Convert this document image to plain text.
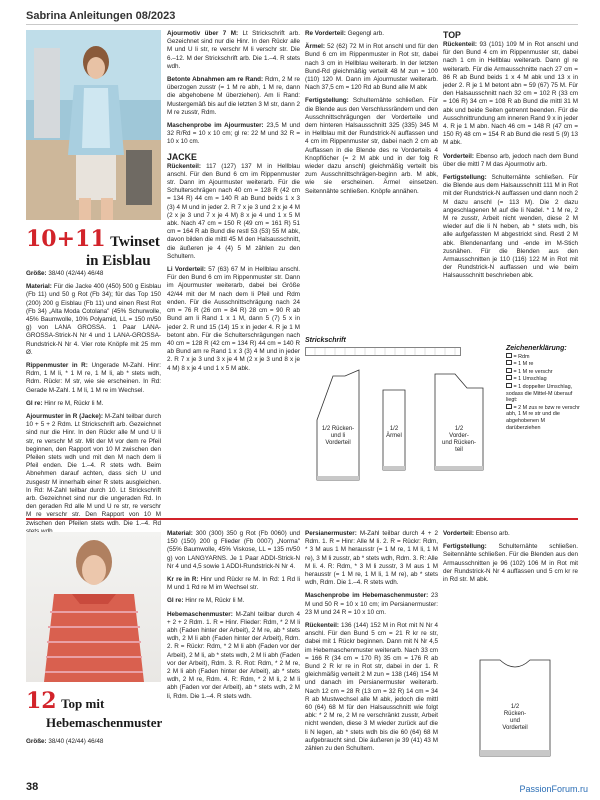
Sabrina Anleitungen 08/2023
10+11 Twinset
in Eisblau

Größe: 38/40 (42/44) 46/48

Material: Für die Jacke 400 (450) 500 g Eisblau (Fb 11) und 50 g Rot (Fb 34); für das Top 150 (200) 200 g Eisblau (Fb 11) und einen Rest Rot (Fb 34) „Alta Moda Cotolana" (45% Schurwolle, 45% Baumwolle, 10% Polyamid, LL = 150 m/50 g) von LANA GROSSA. 1 Paar LANA-GROSSA-Strick-N Nr 4 und 1 LANA-GROSSA-Rundstrick-N Nr 4. Vier rote Knöpfe mit 25 mm Ø.

Rippenmuster in R: Ungerade M-Zahl. Hinr: Rdm, 1 M li, * 1 M re, 1 M li, ab * stets wdh, Rdm. Rückr: M str, wie sie erscheinen. In Rd: Gerade M-Zahl. 1 M li, 1 M re im Wechsel.

Gl re: Hinr re M, Rückr li M.

Ajourmuster in R (Jacke): M-Zahl teilbar durch 10 + 5 + 2 Rdm. Lt Strickschrift arb. Gezeichnet sind nur die Hinr. In den Rückr alle M und U li str, re verschr M str. Mit der M vor dem re Pfeil beginnen, den Rapport von 10 M zwischen den Pfeilen stets wdh und mit den M nach dem li Pfeil enden. Die 1.–4. R stets wdh. Beim Abnehmen darauf achten, dass sich U und zusgestr M innerhalb einer R stets ausgleichen. In Rd: M-Zahl teilbar durch 10. Lt Strickschrift arb. Gezeichnet sind nur die ungeraden Rd. In den geraden Rd alle M und U re str, re verschr M re verschr str. Den Rapport von 10 M zwischen den Pfeilen stets wdh. Die 1.–4. Rd

Ajourmotiv über 7 M: Lt Strickschrift arb. Gezeichnet sind nur die Hinr. In den Rückr alle M und U li str, re verschr M li verschr str. Die 6.–12. M der Strickschrift arb. Die 1.–4. R stets wdh.

Betonte Abnahmen am re Rand: Rdm, 2 M re überzogen zusstr (= 1 M re abh, 1 M re, dann die abgehobene M überziehen). Am li Rand: Mustergemäß bis auf die letzten 3 M str, dann 2 M re zusstr, Rdm.

Maschenprobe im Ajourmuster: 23,5 M und 32 R/Rd = 10 x 10 cm; gl re: 22 M und 32 R = 10 x 10 cm.

JACKE

Rückenteil: 117 (127) 137 M in Hellblau anschl. Für den Bund 6 cm im Rippenmuster str. Dann im Ajourmuster weiterarb. Für die Schulterschrägen nach 40 cm = 128 R (42 cm = 134 R) 44 cm = 140 R ab Bund beids 1 x 3 (3) 4 M und in jeder 2. R 7 x je 3 und 2 x je 4 M (2 x je 3 und 7 x je 4 M) 8 x je 4 und 1 x 5 M abk. Nach 47 cm = 150 R (49 cm = 161 R) 51 cm = 164 R ab Bund die restl 53 (53) 55 M abk, davon bilden die mittl 45 M den Halsausschnitt, die äußeren je 4 (4) 5 M zählen zu den Schultern.

Li Vorderteil: 57 (63) 67 M in Hellblau anschl. Für den Bund 6 cm im Rippenmuster str. Dann im Ajourmuster weiterarb, dabei bei Größe 42/44 mit der M nach dem li Pfeil und Rdm enden. Für die Ausschnittschrägung nach 24 cm = 76 R (26 cm = 84 R) 28 cm = 90 R ab Bund am li Rand 1 x 1 M, dann 5 (7) 5 x in jeder 2. R und 15 (14) 15 x in jeder 4. R je 1 M betont abn. Für die Schulterschrägungen nach 40 cm = 128 R (42 cm = 134 R) 44 cm = 140 R ab Bund am re Rand 1 x 3 (3) 4 M und in jeder 2. R 7 x je 3 und 3 x je 4 M (2 x je 3 und 8 x je 4 M) 8 x je 4 und 1 x 5 M abk.

Re Vorderteil: Gegengl arb.

Ärmel: 52 (62) 72 M in Rot anschl und für den Bund 6 cm im Rippenmuster in Rot str, dabei nach 3 cm in Hellblau weiterarb. In der letzten Bund-Rd gleichmäßig verteilt 48 M zun = 100 (110) 120 M. Dann im Ajourmuster weiterarb. Nach 37,5 cm = 120 Rd ab Bund alle M abk

Fertigstellung: Schulternähte schließen. Für die Blende aus den Verschlussrändern und den Ausschnittschrägungen der Vorderteile und dem hinteren Halsausschnitt 325 (335) 345 M in Hellblau mit der Rundstrick-N auffassen und 4 cm im Rippenmuster str, dabei nach 2 cm ab Auffassen in die Blende des re Vorderteils 4 Knopflöcher (= 2 M abk und in der folg R wieder dazu anschl) gleichmäßig verteilt bis zum Ausschnittschrägen-beginn arb. M abk, wie sie erscheinen. Ärmel einsetzen. Seitennähte schließen. Knöpfe annähen.

TOP

Rückenteil: 93 (101) 109 M in Rot anschl und für den Bund 4 cm im Rippenmuster str, dabei nach 1 cm in Hellblau weiterarb. Dann gl re weiterarb. Für die Armausschnitte nach 27 cm = 86 R ab Bund beids 1 x 4 M abk und 13 x in jeder 2. R je 1 M betont abn = 59 (67) 75 M. Für den Halsausschnitt nach 32 cm = 102 R (33 cm = 106 R) 34 cm = 108 R ab Bund die mittl 31 M abk und beide Seiten getrennt beenden. Für die Ausschnittrundung am inneren Rand 9 x in jeder 4. R je 1 M abn. Nach 46 cm = 148 R (47 cm = 150 R) 48 cm = 154 R ab Bund die restl 5 (9) 13 M abk.

Vorderteil: Ebenso arb, jedoch nach dem Bund über die mittl 7 M das Ajourmotiv arb.

Fertigstellung: Schulternähte schließen. Für die Blende aus dem Halsausschnitt 111 M in Rot mit der Rundstrick-N auffassen und dann noch 2 M dazu anschl (= 113 M). Die 2 dazu angeschlagenen M auf die li Nadel. * 1 M re, 2 M re zusstr, Arbeit nicht wenden, diese 2 M wieder auf die li N heben, ab * stets wdh, bis alle aufgefassten M abgestrickt sind. Restl 2 M abk. Blendenanfang und -ende im M-Stich zusnähen. Für die Blenden aus den Armausschnitten je 110 (116) 122 M in Rot mit der Rundstrick-N auffassen und wie beim Halsausschnitt beschrieben abk.

Strickschrift
Zeichenerklärung:
= Rdm
= 1 M re
= 1 M re verschr
= 1 Umschlag
= 1 doppelter Umschlag, sodass die Mittel-M überauf liegt:
= 2 M zus re bzw re verschr abh, 1 M re str und die abgehobenen M darüberziehen
1/2 Rücken-
und li
Vorderteil
1/2
Ärmel
1/2
Vorder-
und Rücken-
teil
12 Top mit
Hebemaschenmuster

Größe: 38/40 (42/44) 46/48

Material: 300 (300) 350 g Rot (Fb 0060) und 150 (150) 200 g Flieder (Fb 0007) „Norma" (55% Baumwolle, 45% Viskose, LL = 135 m/50 g) von LANGYARNS. Je 1 Paar ADDI-Strick-N Nr 4 und 4,5 sowie 1 ADDI-Rundstrick-N Nr 4.

Kr re in R: Hinr und Rückr re M. In Rd: 1 Rd li M und 1 Rd re M im Wechsel str.

Gl re: Hinr re M, Rückr li M.

Hebemaschenmuster: M-Zahl teilbar durch 4 + 2 + 2 Rdm. 1. R = Hinr. Flieder: Rdm, * 2 M li abh (Faden hinter der Arbeit), 2 M re, ab * stets wdh, 2 M li abh (Faden hinter der Arbeit), Rdm. 2. R = Rückr: Rdm, * 2 M li abh (Faden vor der Arbeit), 2 M li, ab * stets wdh, 2 M li abh (Faden vor der Arbeit), Rdm. 3. R. Rot: Rdm, * 2 M re, 2 M li abh (Faden hinter der Arbeit), ab * stets wdh, 2 M re, Rdm. 4. R: Rdm, * 2 M li, 2 M li abh (Faden vor der Arbeit), ab * stets wdh, 2 M li, Rdm. Die 1.–4. R stets wdh.

Persianermuster: M-Zahl teilbar durch 4 + 2 Rdm. 1. R = Hinr: Alle M li. 2. R = Rückr: Rdm, * 3 M aus 1 M herausstr (= 1 M re, 1 M li, 1 M re), 3 M li zusstr, ab * stets wdh, Rdm. 3. R: Alle M li. 4. R: Rdm, * 3 M li zusstr, 3 M aus 1 M herausstr (= 1 M re, 1 M li, 1 M re), ab * stets wdh, Rdm. Die 1.–4. R stets wdh.

Maschenprobe im Hebemaschenmuster: 23 M und 50 R = 10 x 10 cm; im Persianermuster: 23 M und 24 R = 10 x 10 cm.

Rückenteil: 136 (144) 152 M in Rot mit N Nr 4 anschl. Für den Bund 5 cm = 21 R kr re str, dabei mit 1 Rückr beginnen. Dann mit N Nr 4,5 im Hebemaschenmuster weiterarb. Nach 33 cm = 166 R (34 cm = 170 R) 35 cm = 176 R ab Bund 2 R kr re in Rot str, dabei in der 1. R gleichmäßig verteilt 2 M zun = 138 (146) 154 M und danach im Persianermuster weiterarb. Nach 12 cm = 28 R (13 cm = 32 R) 14 cm = 34 R ab Mustwechsel alle M abk, jedoch die mittl 60 (64) 68 M für den Halsausschnitt wie folgt abk: * 2 M re, 2 M re verschränkt zusstr, Arbeit nicht wenden, diese 3 M wieder zurück auf die li N legen, ab * stets wdh bis die 60 (64) 68 M aufgebraucht sind. Die äußeren je 39 (41) 43 M zählen zu den Schultern.

Vorderteil: Ebenso arb.

Fertigstellung: Schulternähte schließen. Seitennähte schließen. Für die Blenden aus den Armausschnitten je 96 (102) 106 M in Rot mit der Rundstrick-N Nr 4 auffassen und 5 cm kr re in Rd str. M abk.

1/2
Rücken-
und
Vorderteil
38	PassionForum.ru
